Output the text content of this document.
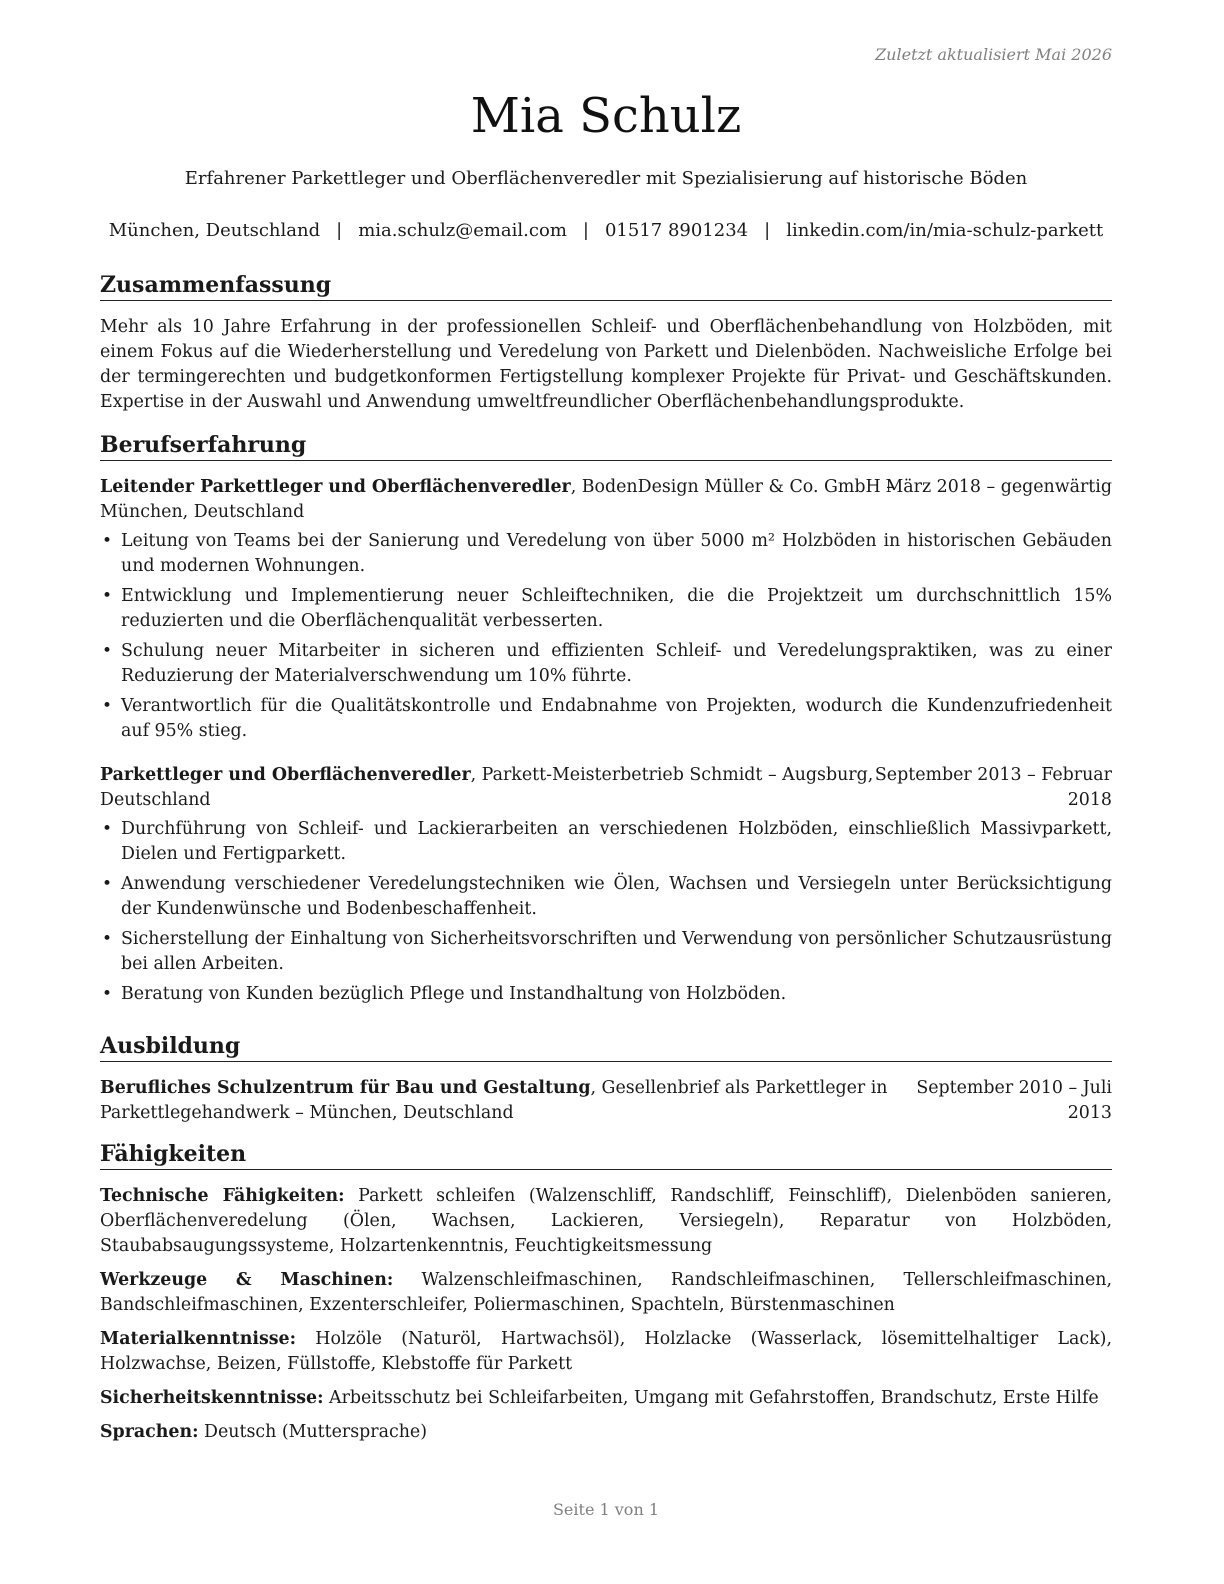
Zuletzt aktualisiert Mai 2026
Mia Schulz
Erfahrener Parkettleger und Oberflächenveredler mit Spezialisierung auf historische Böden
München, Deutschland | mia.schulz@email.com | 01517 8901234 | linkedin.com/in/mia-schulz-parkett
Zusammenfassung
Mehr als 10 Jahre Erfahrung in der professionellen Schleif- und Oberflächenbehandlung von Holzböden, mit einem Fokus auf die Wiederherstellung und Veredelung von Parkett und Dielenböden. Nachweisliche Erfolge bei der termingerechten und budgetkonformen Fertigstellung komplexer Projekte für Privat- und Geschäftskunden. Expertise in der Auswahl und Anwendung umweltfreundlicher Oberflächenbehandlungsprodukte.
Berufserfahrung
Leitender Parkettleger und Oberflächenveredler, BodenDesign Müller & Co. GmbH –
März 2018 – gegenwärtig
München, Deutschland
• Leitung von Teams bei der Sanierung und Veredelung von über 5000 m² Holzböden in historischen Gebäuden und modernen Wohnungen.
• Entwicklung und Implementierung neuer Schleiftechniken, die die Projektzeit um durchschnittlich 15% reduzierten und die Oberflächenqualität verbesserten.
• Schulung neuer Mitarbeiter in sicheren und effizienten Schleif- und Veredelungspraktiken, was zu einer Reduzierung der Materialverschwendung um 10% führte.
• Verantwortlich für die Qualitätskontrolle und Endabnahme von Projekten, wodurch die Kundenzufriedenheit auf 95% stieg.
Parkettleger und Oberflächenveredler, Parkett-Meisterbetrieb Schmidt – Augsburg, September 2013 – Februar
Deutschland	2018
• Durchführung von Schleif- und Lackierarbeiten an verschiedenen Holzböden, einschließlich Massivparkett, Dielen und Fertigparkett.
• Anwendung verschiedener Veredelungstechniken wie Ölen, Wachsen und Versiegeln unter Berücksichtigung der Kundenwünsche und Bodenbeschaffenheit.
• Sicherstellung der Einhaltung von Sicherheitsvorschriften und Verwendung von persönlicher Schutzausrüstung bei allen Arbeiten.
• Beratung von Kunden bezüglich Pflege und Instandhaltung von Holzböden.
Ausbildung
Berufliches Schulzentrum für Bau und Gestaltung, Gesellenbrief als Parkettleger in September 2010 – Juli
Parkettlegehandwerk – München, Deutschland	2013
Fähigkeiten
Technische Fähigkeiten: Parkett schleifen (Walzenschliff, Randschliff, Feinschliff), Dielenböden sanieren, Oberflächenveredelung (Ölen, Wachsen, Lackieren, Versiegeln), Reparatur von Holzböden, Staubabsaugungssysteme, Holzartenkenntnis, Feuchtigkeitsmessung
Werkzeuge & Maschinen: Walzenschleifmaschinen, Randschleifmaschinen, Tellerschleifmaschinen, Bandschleifmaschinen, Exzenterschleifer, Poliermaschinen, Spachteln, Bürstenmaschinen
Materialkenntnisse: Holzöle (Naturöl, Hartwachsöl), Holzlacke (Wasserlack, lösemittelhaltiger Lack), Holzwachse, Beizen, Füllstoffe, Klebstoffe für Parkett
Sicherheitskenntnisse: Arbeitsschutz bei Schleifarbeiten, Umgang mit Gefahrstoffen, Brandschutz, Erste Hilfe
Sprachen: Deutsch (Muttersprache)
Seite 1 von 1
